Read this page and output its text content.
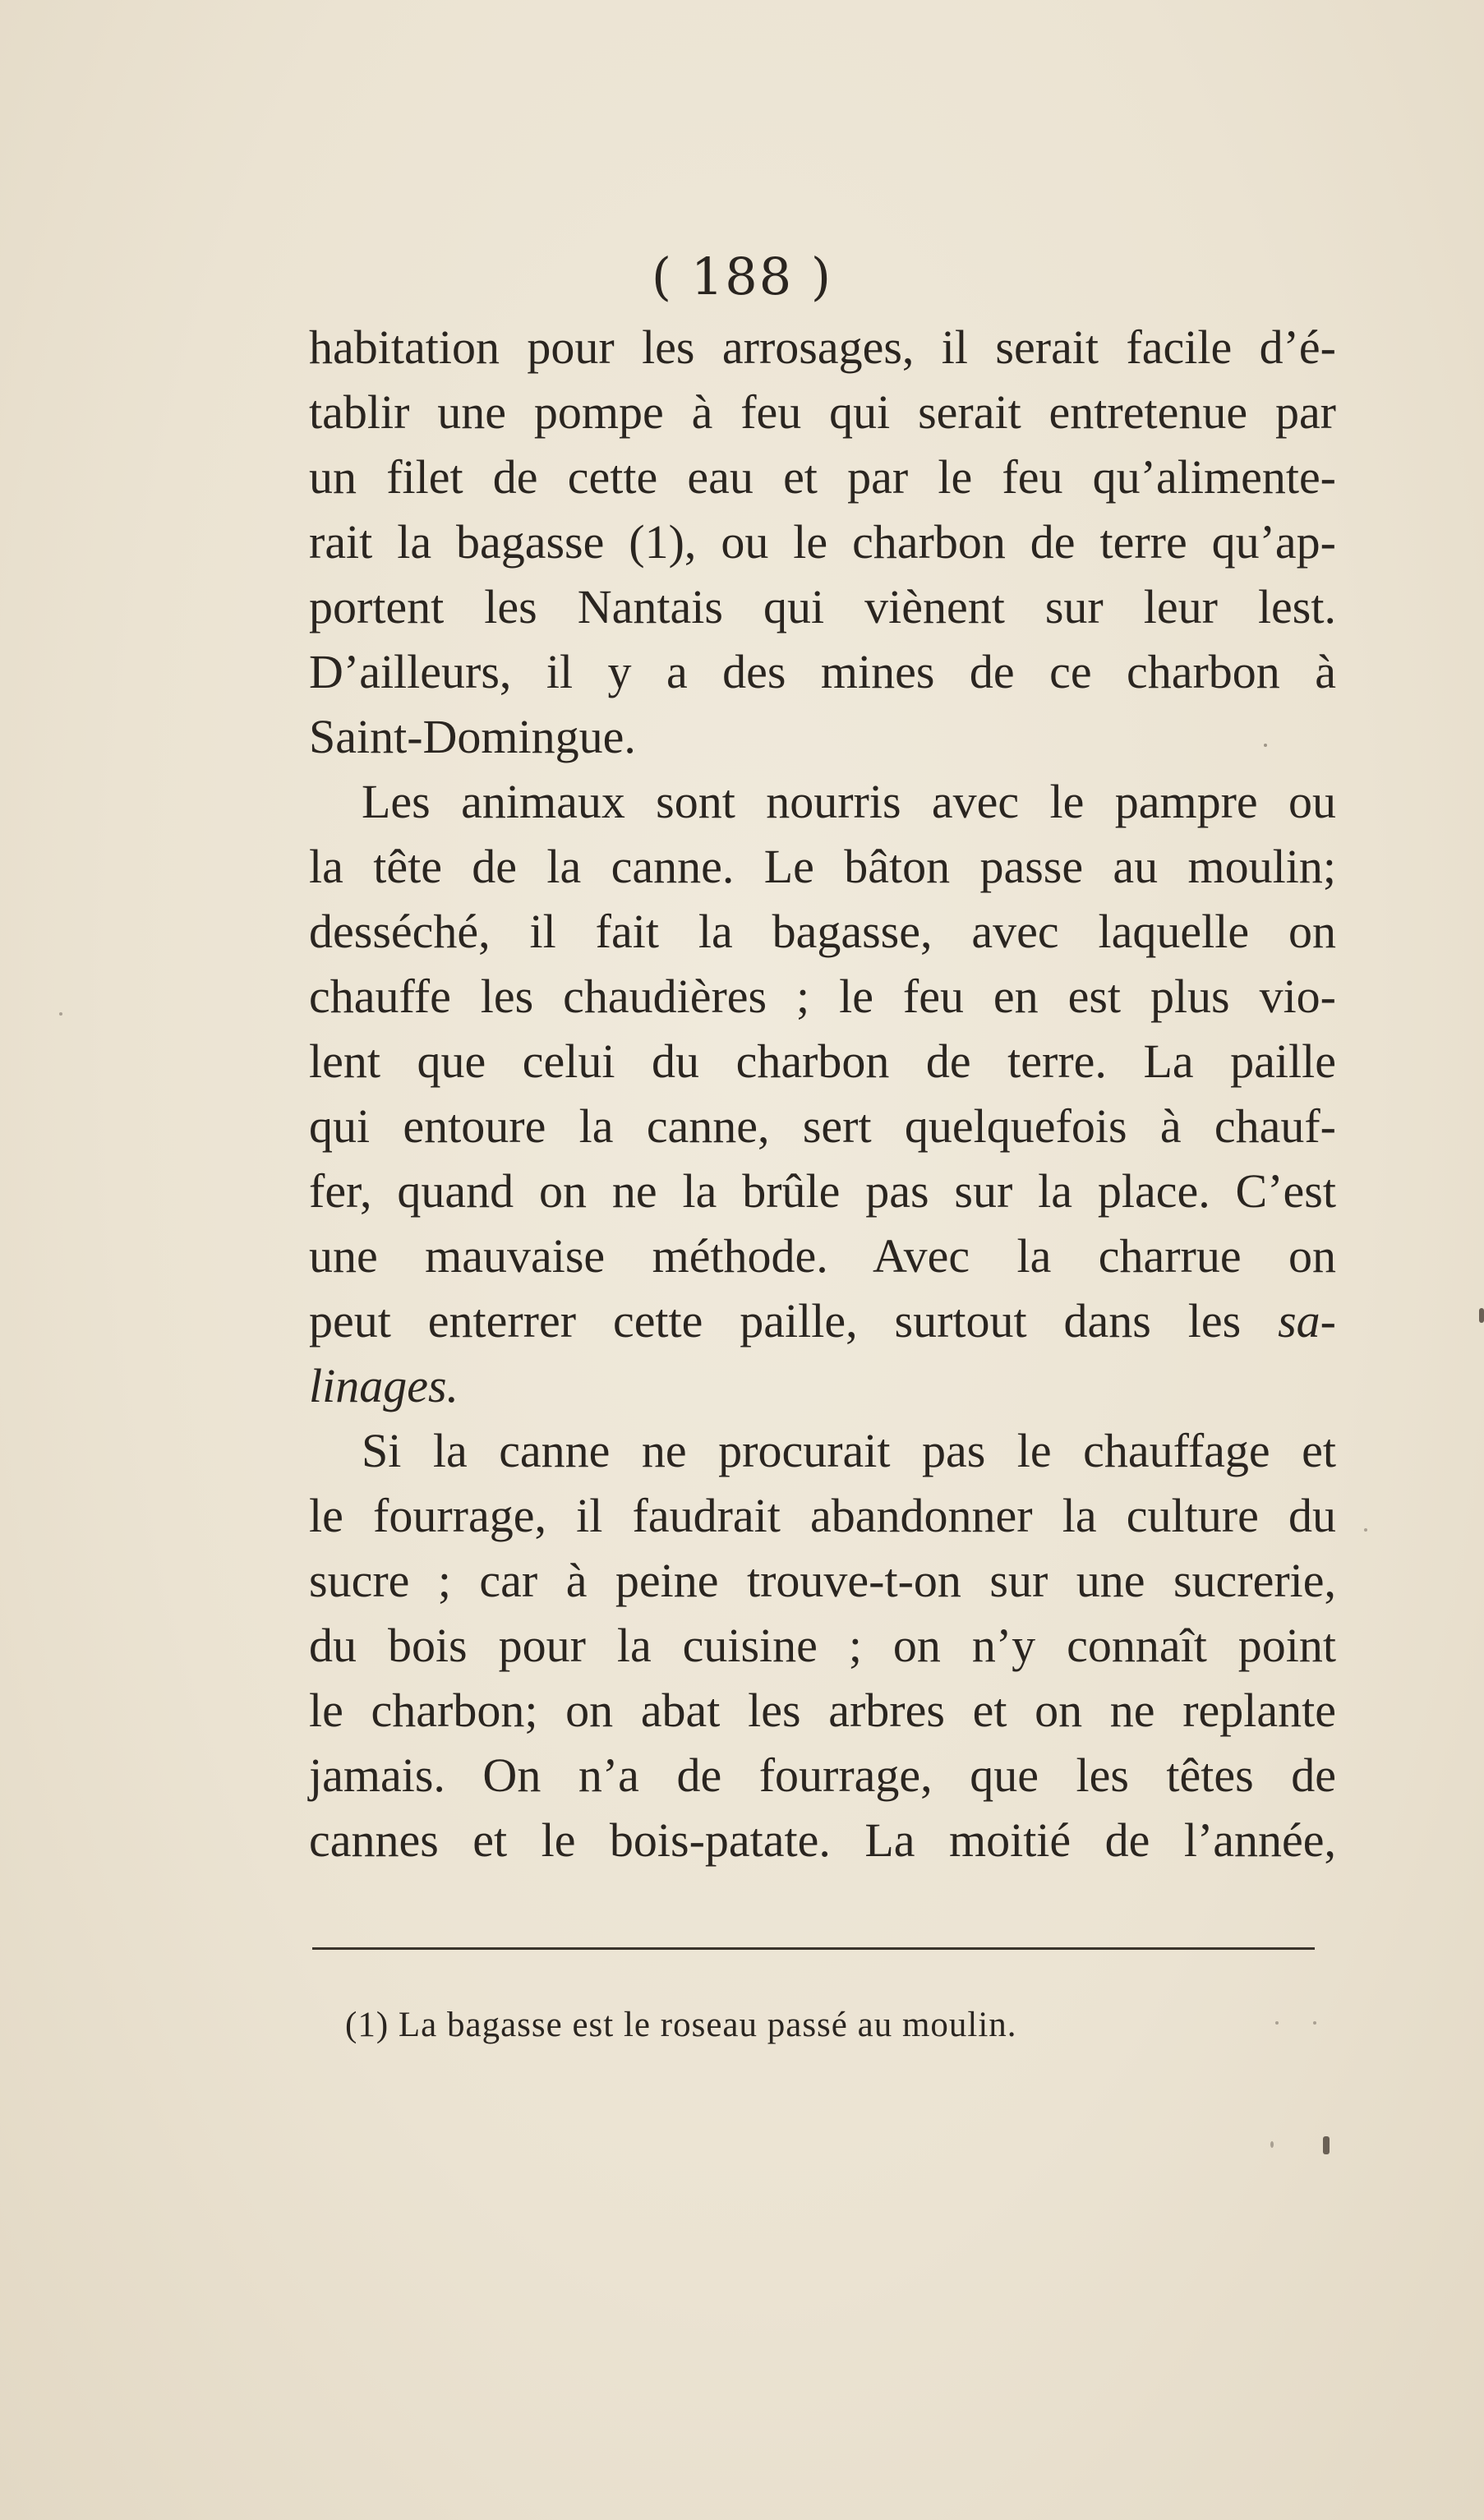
( 188 )
habitation pour les arrosages, il serait facile d’é-
tablir une pompe à feu qui serait entretenue par
un filet de cette eau et par le feu qu’alimente-
rait la bagasse (1), ou le charbon de terre qu’ap-
portent les Nantais qui viènent sur leur lest.
D’ailleurs, il y a des mines de ce charbon à
Saint-Domingue.
Les animaux sont nourris avec le pampre ou
la tête de la canne. Le bâton passe au moulin;
desséché, il fait la bagasse, avec laquelle on
chauffe les chaudières ; le feu en est plus vio-
lent que celui du charbon de terre. La paille
qui entoure la canne, sert quelquefois à chauf-
fer, quand on ne la brûle pas sur la place. C’est
une mauvaise méthode. Avec la charrue on
peut enterrer cette paille, surtout dans les sa-
linages.
Si la canne ne procurait pas le chauffage et
le fourrage, il faudrait abandonner la culture du
sucre ; car à peine trouve-t-on sur une sucrerie,
du bois pour la cuisine ; on n’y connaît point
le charbon; on abat les arbres et on ne replante
jamais. On n’a de fourrage, que les têtes de
cannes et le bois-patate. La moitié de l’année,
(1) La bagasse est le roseau passé au moulin.
